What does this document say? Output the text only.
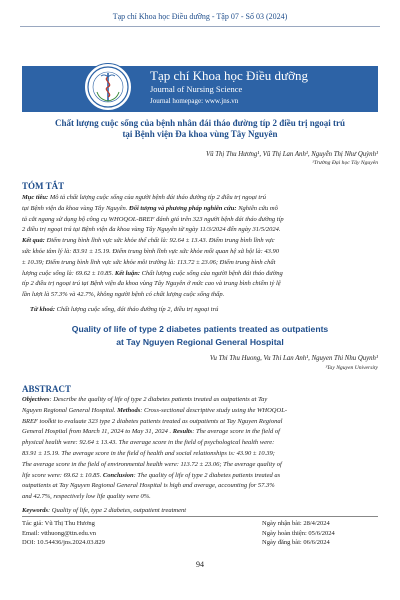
Tạp chí Khoa học Điều dưỡng - Tập 07 - Số 03 (2024)
Tạp chí Khoa học Điều dưỡng
Journal of Nursing Science
Journal homepage: www.jns.vn
Chất lượng cuộc sống của bệnh nhân đái tháo đường típ 2 điều trị ngoại trú
tại Bệnh viện Đa khoa vùng Tây Nguyên
Vũ Thị Thu Hương¹, Vũ Thị Lan Anh¹, Nguyễn Thị Như Quỳnh¹
¹Trường Đại học Tây Nguyên
TÓM TẮT
Mục tiêu: Mô tả chất lượng cuộc sống của người bệnh đái tháo đường típ 2 điều trị ngoại trú
tại Bệnh viện đa khoa vùng Tây Nguyên. Đối tượng và phương pháp nghiên cứu: Nghiên cứu mô
tả cắt ngang sử dụng bộ công cụ WHOQOL-BREF đánh giá trên 323 người bệnh đái tháo đường típ
2 điều trị ngoại trú tại Bệnh viện đa khoa vùng Tây Nguyên từ ngày 11/3/2024 đến ngày 31/5/2024.
Kết quả: Điểm trung bình lĩnh vực sức khỏe thể chất là: 92.64 ± 13.43. Điểm trung bình lĩnh vực
sức khỏe tâm lý là: 83.91 ± 15.19. Điểm trung bình lĩnh vực sức khỏe mối quan hệ xã hội là: 43.90
± 10.39; Điểm trung bình lĩnh vực sức khỏe môi trường là: 113.72 ± 23.06; Điểm trung bình chất
lượng cuộc sống là: 69.62 ± 10.85. Kết luận: Chất lượng cuộc sống của người bệnh đái tháo đường
típ 2 điều trị ngoại trú tại Bệnh viện đa khoa vùng Tây Nguyên ở mức cao và trung bình chiếm tỷ lệ
lần lượt là 57.3% và 42.7%, không người bệnh có chất lượng cuộc sống thấp.
Từ khoá: Chất lượng cuộc sống, đái tháo đường típ 2, điều trị ngoại trú
Quality of life of type 2 diabetes patients treated as outpatients
at Tay Nguyen Regional General Hospital
Vu Thi Thu Huong, Vu Thi Lan Anh¹, Nguyen Thi Nhu Quynh¹
¹Tay Nguyen University
ABSTRACT
Objectives: Describe the quality of life of type 2 diabetes patients treated as outpatients at Tay
Nguyen Regional General Hospital. Methods: Cross-sectional descriptive study using the WHOQOL-
BREF toolkit to evaluate 323 type 2 diabetes patients treated as outpatients at Tay Nguyen Regional
General Hospital from March 11, 2024 to May 31, 2024 . Results: The average score in the field of
physical health were: 92.64 ± 13.43. The average score in the field of psychological health were:
83.91 ± 15.19. The average score in the field of health and social relationships is: 43.90 ± 10.39;
The average score in the field of environmental health were: 113.72 ± 23.06; The average quality of
life score were: 69.62 ± 10.85. Conclusion: The quality of life of type 2 diabetes patients treated as
outpatients at Tay Nguyen Regional General Hospital is high and average, accounting for 57.3%
and 42.7%, respectively low life quality were 0%.
Keywords: Quality of life, type 2 diabetes, outpatient treatment
Tác giả: Vũ Thị Thu Hương
Email: vtthuong@ttn.edu.vn
DOI: 10.54436/jns.2024.03.829
Ngày nhận bài: 28/4/2024
Ngày hoàn thiện: 05/6/2024
Ngày đăng bài: 06/6/2024
94
